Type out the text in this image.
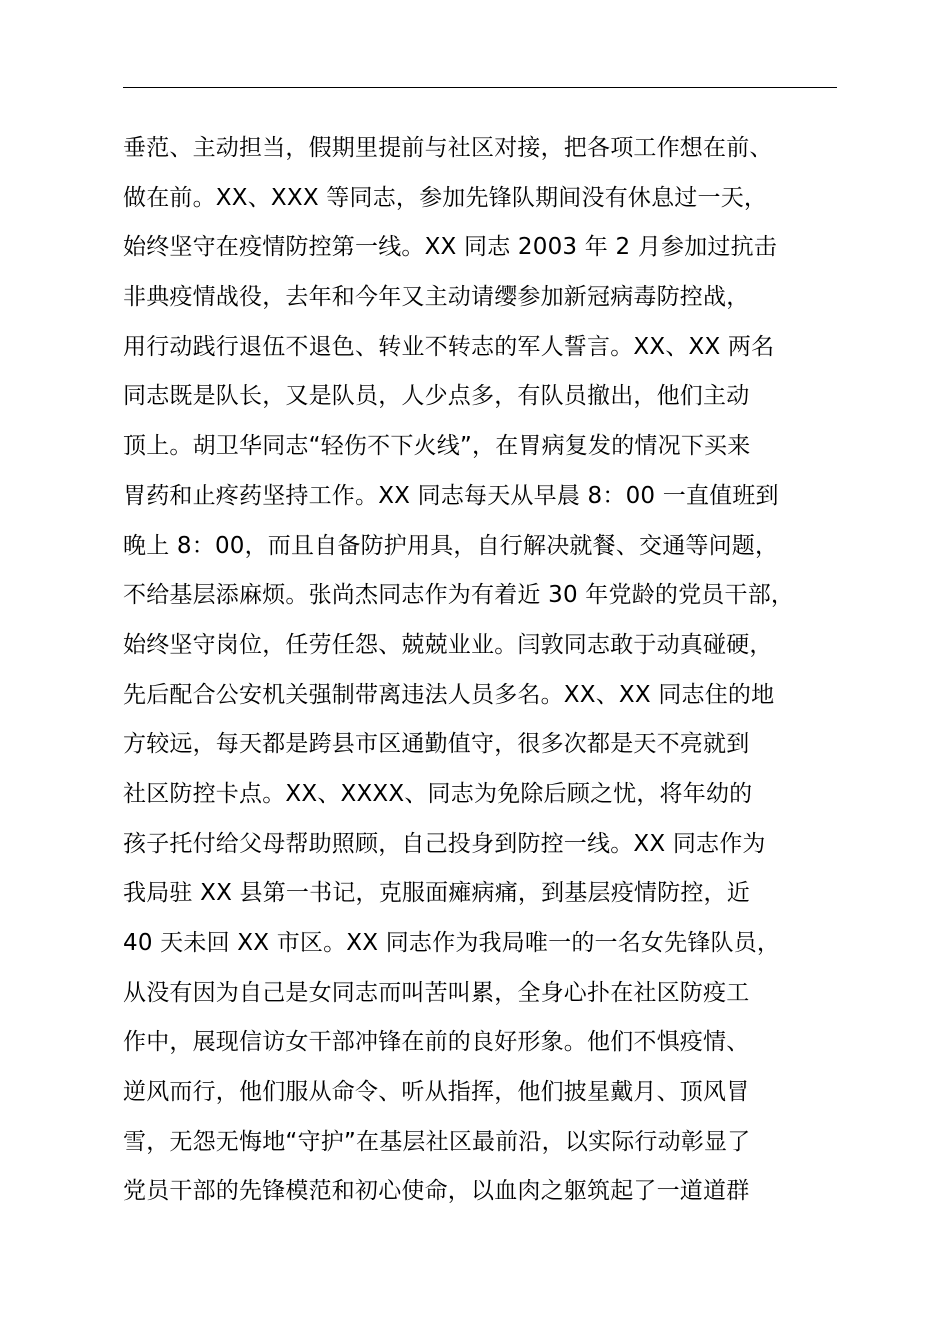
垂范、主动担当，假期里提前与社区对接，把各项工作想在前、
做在前。XX、XXX 等同志，参加先锋队期间没有休息过一天，
始终坚守在疫情防控第一线。XX 同志 2003 年 2 月参加过抗击
非典疫情战役，去年和今年又主动请缨参加新冠病毒防控战，
用行动践行退伍不退色、转业不转志的军人誓言。XX、XX 两名
同志既是队长，又是队员，人少点多，有队员撤出，他们主动
顶上。胡卫华同志“轻伤不下火线”，在胃病复发的情况下买来
胃药和止疼药坚持工作。XX 同志每天从早晨 8：00 一直值班到
晚上 8：00，而且自备防护用具，自行解决就餐、交通等问题，
不给基层添麻烦。张尚杰同志作为有着近 30 年党龄的党员干部，
始终坚守岗位，任劳任怨、兢兢业业。闫敦同志敢于动真碰硬，
先后配合公安机关强制带离违法人员多名。XX、XX 同志住的地
方较远，每天都是跨县市区通勤值守，很多次都是天不亮就到
社区防控卡点。XX、XXXX、同志为免除后顾之忧，将年幼的
孩子托付给父母帮助照顾，自己投身到防控一线。XX 同志作为
我局驻 XX 县第一书记，克服面瘫病痛，到基层疫情防控，近
40 天未回 XX 市区。XX 同志作为我局唯一的一名女先锋队员，
从没有因为自己是女同志而叫苦叫累，全身心扑在社区防疫工
作中，展现信访女干部冲锋在前的良好形象。他们不惧疫情、
逆风而行，他们服从命令、听从指挥，他们披星戴月、顶风冒
雪，无怨无悔地“守护”在基层社区最前沿，以实际行动彰显了
党员干部的先锋模范和初心使命，以血肉之躯筑起了一道道群
